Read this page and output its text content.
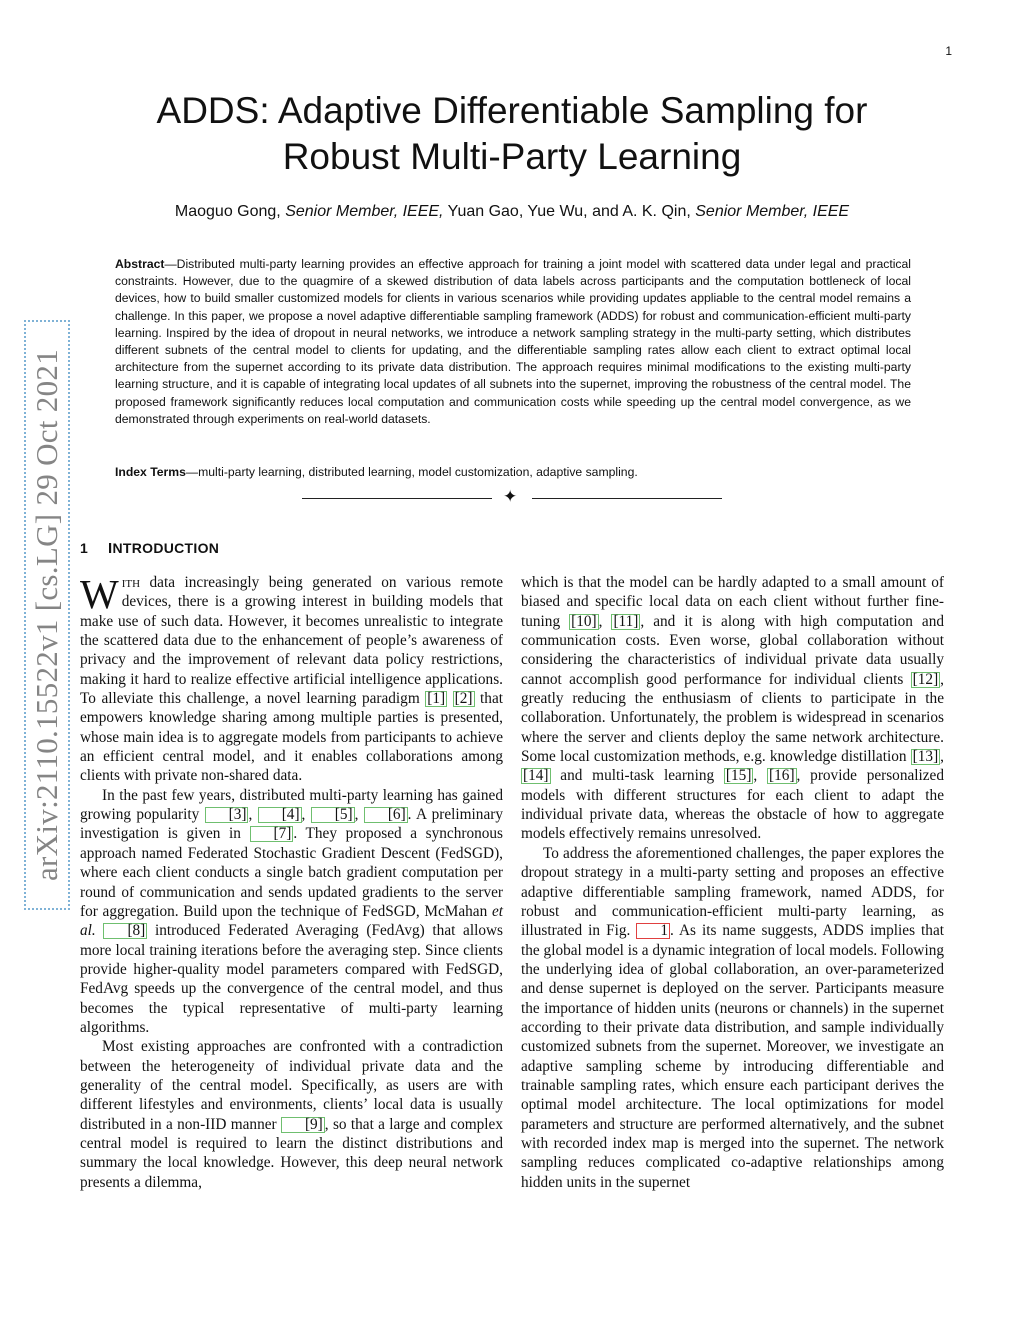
1
arXiv:2110.15522v1 [cs.LG] 29 Oct 2021
ADDS: Adaptive Differentiable Sampling for
Robust Multi-Party Learning
Maoguo Gong, Senior Member, IEEE, Yuan Gao, Yue Wu, and A. K. Qin, Senior Member, IEEE
Abstract—Distributed multi-party learning provides an effective approach for training a joint model with scattered data under legal and practical constraints. However, due to the quagmire of a skewed distribution of data labels across participants and the computation bottleneck of local devices, how to build smaller customized models for clients in various scenarios while providing updates appliable to the central model remains a challenge. In this paper, we propose a novel adaptive differentiable sampling framework (ADDS) for robust and communication-efficient multi-party learning. Inspired by the idea of dropout in neural networks, we introduce a network sampling strategy in the multi-party setting, which distributes different subnets of the central model to clients for updating, and the differentiable sampling rates allow each client to extract optimal local architecture from the supernet according to its private data distribution. The approach requires minimal modifications to the existing multi-party learning structure, and it is capable of integrating local updates of all subnets into the supernet, improving the robustness of the central model. The proposed framework significantly reduces local computation and communication costs while speeding up the central model convergence, as we demonstrated through experiments on real-world datasets.
Index Terms—multi-party learning, distributed learning, model customization, adaptive sampling.
✦
1 INTRODUCTION

With data increasingly being generated on various remote devices, there is a growing interest in building models that make use of such data. However, it becomes unrealistic to integrate the scattered data due to the enhancement of people’s awareness of privacy and the improvement of relevant data policy restrictions, making it hard to realize effective artificial intelligence applications. To alleviate this challenge, a novel learning paradigm [1] [2] that empowers knowledge sharing among multiple parties is presented, whose main idea is to aggregate models from participants to achieve an efficient central model, and it enables collaborations among clients with private non-shared data.

In the past few years, distributed multi-party learning has gained growing popularity [3] , [4] , [5] , [6] . A preliminary investigation is given in [7] . They proposed a synchronous approach named Federated Stochastic Gradient Descent (FedSGD), where each client conducts a single batch gradient computation per round of communication and sends updated gradients to the server for aggregation. Build upon the technique of FedSGD, McMahan et al. [8] introduced Federated Averaging (FedAvg) that allows more local training iterations before the averaging step. Since clients provide higher-quality model parameters compared with FedSGD, FedAvg speeds up the convergence of the central model, and thus becomes the typical representative of multi-party learning algorithms.

Most existing approaches are confronted with a contradiction between the heterogeneity of individual private data and the generality of the central model. Specifically, as users are with different lifestyles and environments, clients’ local data is usually distributed in a non-IID manner [9] , so that a large and complex central model is required to learn the distinct distributions and summary the local knowledge. However, this deep neural network presents a dilemma,

which is that the model can be hardly adapted to a small amount of biased and specific local data on each client without further fine-tuning [10] , [11] , and it is along with high computation and communication costs. Even worse, global collaboration without considering the characteristics of individual private data usually cannot accomplish good performance for individual clients [12] , greatly reducing the enthusiasm of clients to participate in the collaboration. Unfortunately, the problem is widespread in scenarios where the server and clients deploy the same network architecture. Some local customization methods, e.g. knowledge distillation [13] , [14] and multi-task learning [15] , [16] , provide personalized models with different structures for each client to adapt the individual private data, whereas the obstacle of how to aggregate models effectively remains unresolved.

To address the aforementioned challenges, the paper explores the dropout strategy in a multi-party setting and proposes an effective adaptive differentiable sampling framework, named ADDS, for robust and communication-efficient multi-party learning, as illustrated in Fig. 1 . As its name suggests, ADDS implies that the global model is a dynamic integration of local models. Following the underlying idea of global collaboration, an over-parameterized and dense supernet is deployed on the server. Participants measure the importance of hidden units (neurons or channels) in the supernet according to their private data distribution, and sample individually customized subnets from the supernet. Moreover, we investigate an adaptive sampling scheme by introducing differentiable and trainable sampling rates, which ensure each participant derives the optimal model architecture. The local optimizations for model parameters and structure are performed alternatively, and the subnet with recorded index map is merged into the supernet. The network sampling reduces complicated co-adaptive relationships among hidden units in the supernet
